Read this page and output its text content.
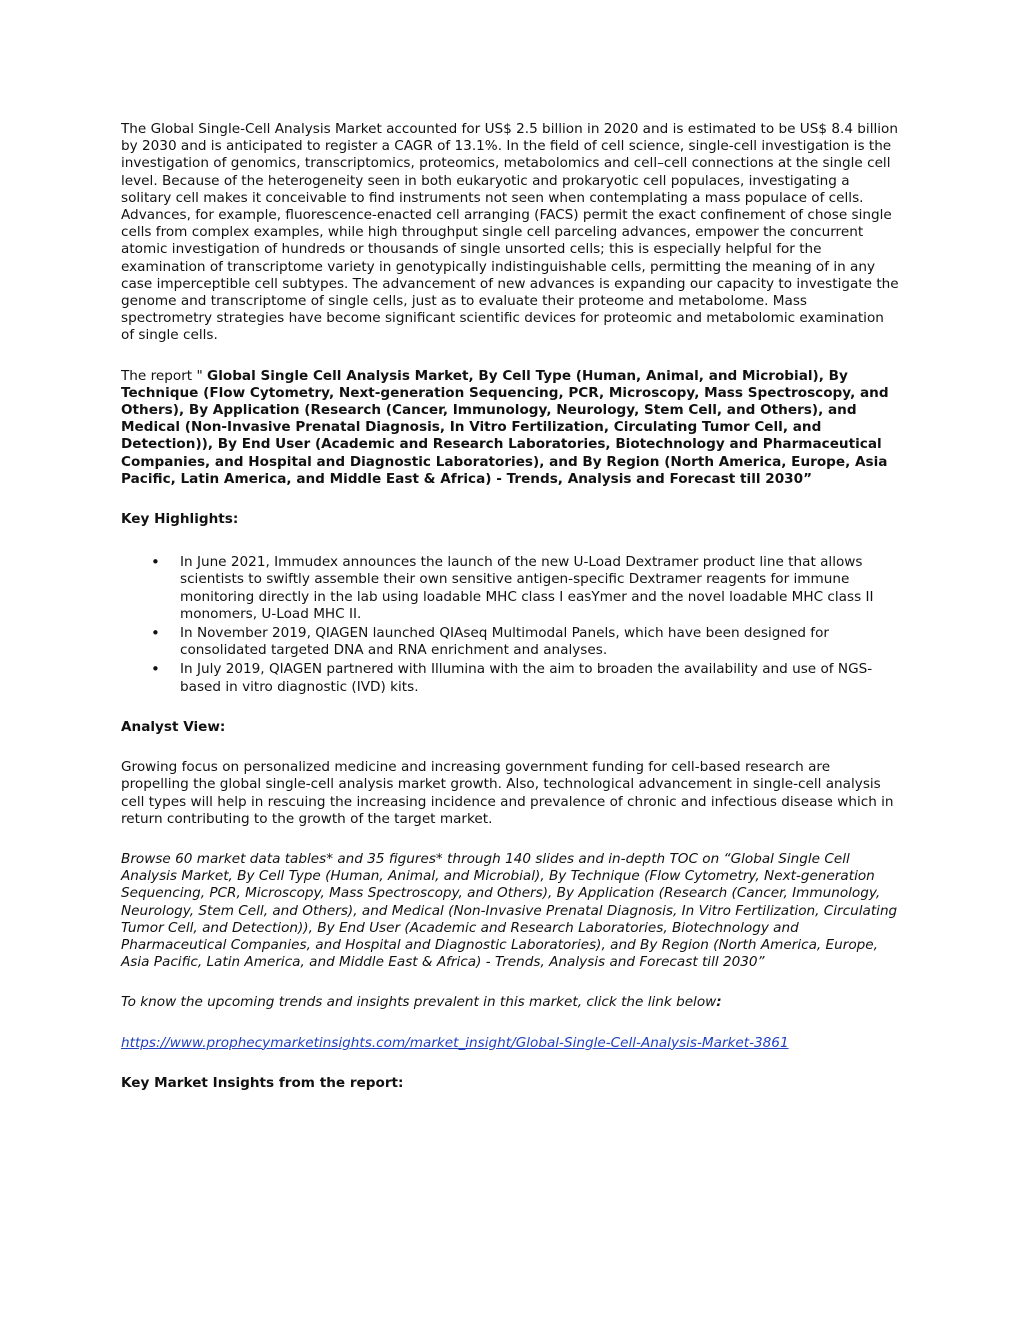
The Global Single-Cell Analysis Market accounted for US$ 2.5 billion in 2020 and is estimated to be US$ 8.4 billion by 2030 and is anticipated to register a CAGR of 13.1%. In the field of cell science, single-cell investigation is the investigation of genomics, transcriptomics, proteomics, metabolomics and cell–cell connections at the single cell level. Because of the heterogeneity seen in both eukaryotic and prokaryotic cell populaces, investigating a solitary cell makes it conceivable to find instruments not seen when contemplating a mass populace of cells. Advances, for example, fluorescence-enacted cell arranging (FACS) permit the exact confinement of chose single cells from complex examples, while high throughput single cell parceling advances, empower the concurrent atomic investigation of hundreds or thousands of single unsorted cells; this is especially helpful for the examination of transcriptome variety in genotypically indistinguishable cells, permitting the meaning of in any case imperceptible cell subtypes. The advancement of new advances is expanding our capacity to investigate the genome and transcriptome of single cells, just as to evaluate their proteome and metabolome. Mass spectrometry strategies have become significant scientific devices for proteomic and metabolomic examination of single cells.

The report " Global Single Cell Analysis Market, By Cell Type (Human, Animal, and Microbial), By Technique (Flow Cytometry, Next-generation Sequencing, PCR, Microscopy, Mass Spectroscopy, and Others), By Application (Research (Cancer, Immunology, Neurology, Stem Cell, and Others), and Medical (Non-Invasive Prenatal Diagnosis, In Vitro Fertilization, Circulating Tumor Cell, and Detection)), By End User (Academic and Research Laboratories, Biotechnology and Pharmaceutical Companies, and Hospital and Diagnostic Laboratories), and By Region (North America, Europe, Asia Pacific, Latin America, and Middle East & Africa) - Trends, Analysis and Forecast till 2030”

Key Highlights:

• In June 2021, Immudex announces the launch of the new U-Load Dextramer product line that allows scientists to swiftly assemble their own sensitive antigen-specific Dextramer reagents for immune monitoring directly in the lab using loadable MHC class I easYmer and the novel loadable MHC class II monomers, U-Load MHC II.
• In November 2019, QIAGEN launched QIAseq Multimodal Panels, which have been designed for consolidated targeted DNA and RNA enrichment and analyses.
• In July 2019, QIAGEN partnered with Illumina with the aim to broaden the availability and use of NGS-based in vitro diagnostic (IVD) kits.

Analyst View:

Growing focus on personalized medicine and increasing government funding for cell-based research are propelling the global single-cell analysis market growth. Also, technological advancement in single-cell analysis cell types will help in rescuing the increasing incidence and prevalence of chronic and infectious disease which in return contributing to the growth of the target market.

Browse 60 market data tables* and 35 figures* through 140 slides and in-depth TOC on “Global Single Cell Analysis Market, By Cell Type (Human, Animal, and Microbial), By Technique (Flow Cytometry, Next-generation Sequencing, PCR, Microscopy, Mass Spectroscopy, and Others), By Application (Research (Cancer, Immunology, Neurology, Stem Cell, and Others), and Medical (Non-Invasive Prenatal Diagnosis, In Vitro Fertilization, Circulating Tumor Cell, and Detection)), By End User (Academic and Research Laboratories, Biotechnology and Pharmaceutical Companies, and Hospital and Diagnostic Laboratories), and By Region (North America, Europe, Asia Pacific, Latin America, and Middle East & Africa) - Trends, Analysis and Forecast till 2030”

To know the upcoming trends and insights prevalent in this market, click the link below:

https://www.prophecymarketinsights.com/market_insight/Global-Single-Cell-Analysis-Market-3861

Key Market Insights from the report:
